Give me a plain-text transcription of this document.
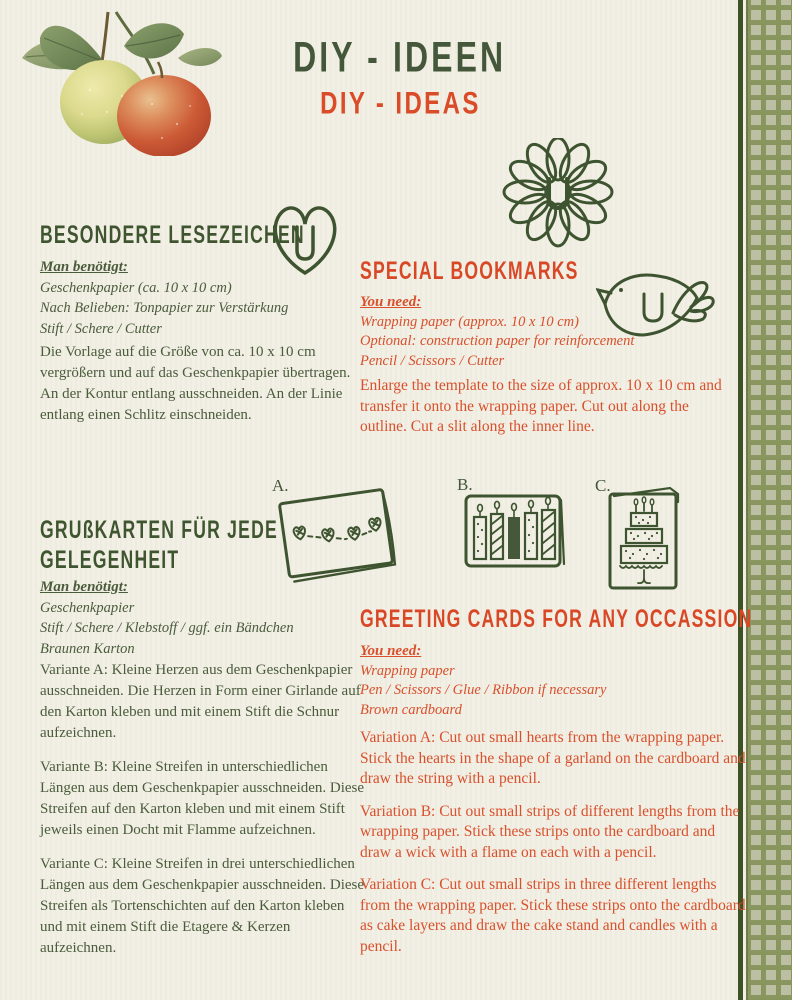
DIY - IDEEN
DIY - IDEAS
BESONDERE LESEZEICHEN
Man benötigt:
Geschenkpapier (ca. 10 x 10 cm)
Nach Belieben: Tonpapier zur Verstärkung
Stift / Schere / Cutter
Die Vorlage auf die Größe von ca. 10 x 10 cm vergrößern und auf das Geschenkpapier übertragen. An der Kontur entlang ausschneiden. An der Linie entlang einen Schlitz einschneiden.
SPECIAL BOOKMARKS
You need:
Wrapping paper (approx. 10 x 10 cm)
Optional: construction paper for reinforcement
Pencil / Scissors / Cutter
Enlarge the template to the size of approx. 10 x 10 cm and transfer it onto the wrapping paper. Cut out along the outline. Cut a slit along the inner line.
A.	B.	C.
GRUßKARTEN FÜR JEDE
GELEGENHEIT
Man benötigt:
Geschenkpapier
Stift / Schere / Klebstoff / ggf. ein Bändchen
Braunen Karton

Variante A: Kleine Herzen aus dem Geschenkpapier ausschneiden. Die Herzen in Form einer Girlande auf den Karton kleben und mit einem Stift die Schnur aufzeichnen.

Variante B: Kleine Streifen in unterschiedlichen Längen aus dem Geschenkpapier ausschneiden. Diese Streifen auf den Karton kleben und mit einem Stift jeweils einen Docht mit Flamme aufzeichnen.

Variante C: Kleine Streifen in drei unterschiedlichen Längen aus dem Geschenkpapier ausschneiden. Diese Streifen als Tortenschichten auf den Karton kleben und mit einem Stift die Etagere & Kerzen aufzeichnen.

GREETING CARDS FOR ANY OCCASSION
You need:
Wrapping paper
Pen / Scissors / Glue / Ribbon if necessary
Brown cardboard

Variation A: Cut out small hearts from the wrapping paper. Stick the hearts in the shape of a garland on the cardboard and draw the string with a pencil.

Variation B: Cut out small strips of different lengths from the wrapping paper. Stick these strips onto the cardboard and draw a wick with a flame on each with a pencil.

Variation C: Cut out small strips in three different lengths from the wrapping paper. Stick these strips onto the cardboard as cake layers and draw the cake stand and candles with a pencil.
